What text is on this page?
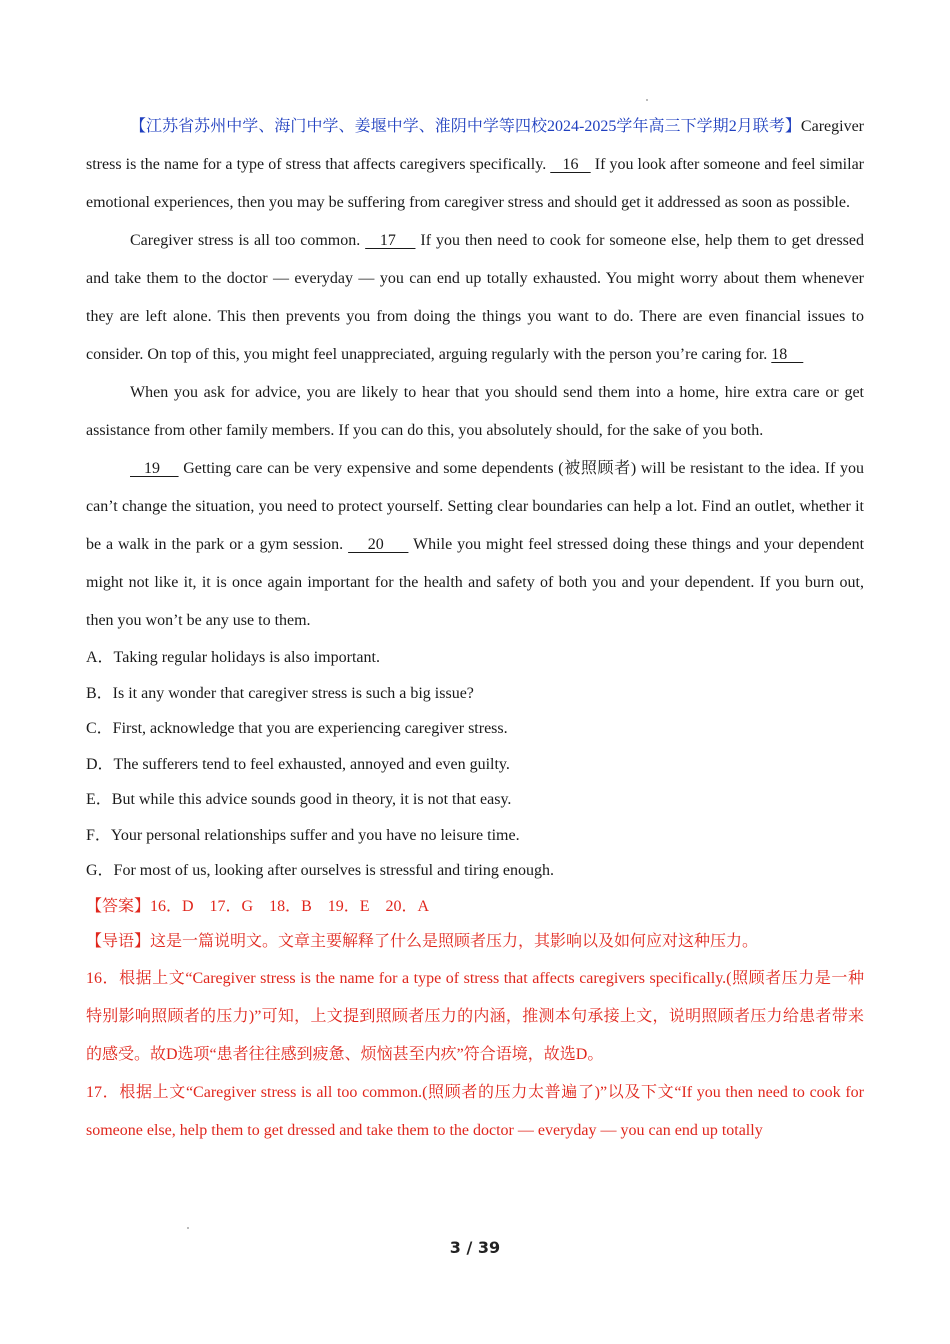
【江苏省苏州中学、海门中学、姜堰中学、淮阴中学等四校2024-2025学年高三下学期2月联考】Caregiver stress is the name for a type of stress that affects caregivers specifically.    16    If you look after someone and feel similar emotional experiences, then you may be suffering from caregiver stress and should get it addressed as soon as possible.

Caregiver stress is all too common.    17     If you then need to cook for someone else, help them to get dressed and take them to the doctor — everyday — you can end up totally exhausted. You might worry about them whenever they are left alone. This then prevents you from doing the things you want to do. There are even financial issues to consider. On top of this, you might feel unappreciated, arguing regularly with the person you’re caring for. 18

When you ask for advice, you are likely to hear that you should send them into a home, hire extra care or get assistance from other family members. If you can do this, you absolutely should, for the sake of you both.

19     Getting care can be very expensive and some dependents (被照顾者) will be resistant to the idea. If you can’t change the situation, you need to protect yourself. Setting clear boundaries can help a lot. Find an outlet, whether it be a walk in the park or a gym session.     20      While you might feel stressed doing these things and your dependent might not like it, it is once again important for the health and safety of both you and your dependent. If you burn out, then you won’t be any use to them.

A．Taking regular holidays is also important.

B．Is it any wonder that caregiver stress is such a big issue?

C．First, acknowledge that you are experiencing caregiver stress.

D．The sufferers tend to feel exhausted, annoyed and even guilty.

E．But while this advice sounds good in theory, it is not that easy.

F．Your personal relationships suffer and you have no leisure time.

G．For most of us, looking after ourselves is stressful and tiring enough.

【答案】16．D　17．G　18．B　19．E　20．A

【导语】这是一篇说明文。文章主要解释了什么是照顾者压力，其影响以及如何应对这种压力。

16．根据上文“Caregiver stress is the name for a type of stress that affects caregivers specifically.(照顾者压力是一种特别影响照顾者的压力)”可知，上文提到照顾者压力的内涵，推测本句承接上文，说明照顾者压力给患者带来的感受。故D选项“患者往往感到疲惫、烦恼甚至内疚”符合语境，故选D。

17．根据上文“Caregiver stress is all too common.(照顾者的压力太普遍了)”以及下文“If you then need to cook for someone else, help them to get dressed and take them to the doctor — everyday — you can end up totally

3 / 39
